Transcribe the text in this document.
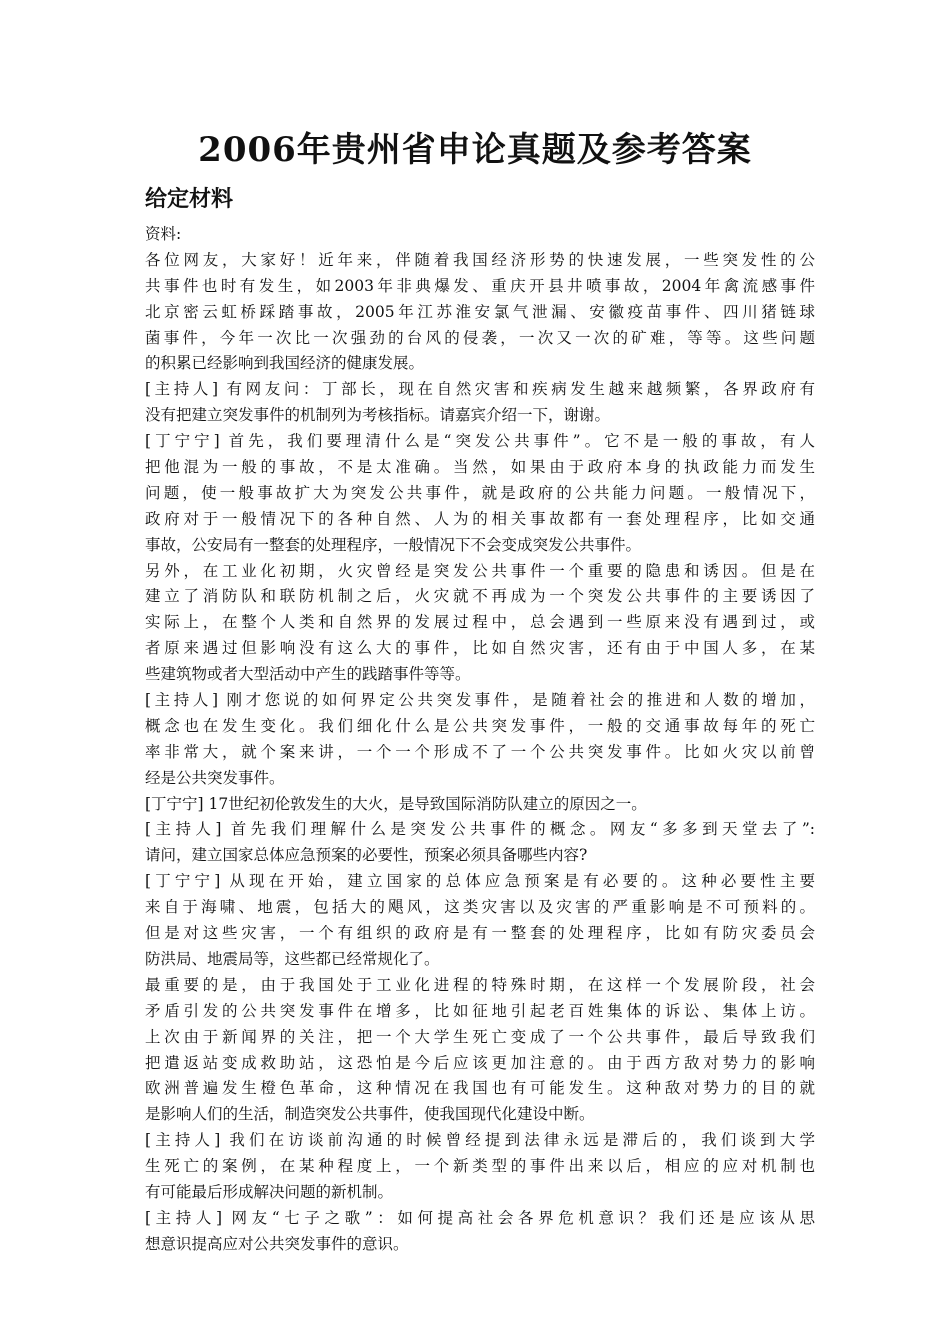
2006年贵州省申论真题及参考答案
给定材料
资料:
各位网友，大家好！近年来，伴随着我国经济形势的快速发展，一些突发性的公
共事件也时有发生，如2003年非典爆发、重庆开县井喷事故，2004年禽流感事件
北京密云虹桥踩踏事故，2005年江苏淮安氯气泄漏、安徽疫苗事件、四川猪链球
菌事件，今年一次比一次强劲的台风的侵袭，一次又一次的矿难，等等。这些问题
的积累已经影响到我国经济的健康发展。
[主持人] 有网友问：丁部长，现在自然灾害和疾病发生越来越频繁，各界政府有
没有把建立突发事件的机制列为考核指标。请嘉宾介绍一下，谢谢。
[丁宁宁] 首先，我们要理清什么是“突发公共事件”。它不是一般的事故，有人
把他混为一般的事故，不是太准确。当然，如果由于政府本身的执政能力而发生
问题，使一般事故扩大为突发公共事件，就是政府的公共能力问题。一般情况下，
政府对于一般情况下的各种自然、人为的相关事故都有一套处理程序，比如交通
事故，公安局有一整套的处理程序，一般情况下不会变成突发公共事件。
另外，在工业化初期，火灾曾经是突发公共事件一个重要的隐患和诱因。但是在
建立了消防队和联防机制之后，火灾就不再成为一个突发公共事件的主要诱因了
实际上，在整个人类和自然界的发展过程中，总会遇到一些原来没有遇到过，或
者原来遇过但影响没有这么大的事件，比如自然灾害，还有由于中国人多，在某
些建筑物或者大型活动中产生的践踏事件等等。
[主持人] 刚才您说的如何界定公共突发事件，是随着社会的推进和人数的增加，
概念也在发生变化。我们细化什么是公共突发事件，一般的交通事故每年的死亡
率非常大，就个案来讲，一个一个形成不了一个公共突发事件。比如火灾以前曾
经是公共突发事件。
[丁宁宁] 17世纪初伦敦发生的大火，是导致国际消防队建立的原因之一。
[主持人] 首先我们理解什么是突发公共事件的概念。网友“多多到天堂去了”:
请问，建立国家总体应急预案的必要性，预案必须具备哪些内容?
[丁宁宁] 从现在开始，建立国家的总体应急预案是有必要的。这种必要性主要
来自于海啸、地震，包括大的飓风，这类灾害以及灾害的严重影响是不可预料的。
但是对这些灾害，一个有组织的政府是有一整套的处理程序，比如有防灾委员会
防洪局、地震局等，这些都已经常规化了。
最重要的是，由于我国处于工业化进程的特殊时期，在这样一个发展阶段，社会
矛盾引发的公共突发事件在增多，比如征地引起老百姓集体的诉讼、集体上访。
上次由于新闻界的关注，把一个大学生死亡变成了一个公共事件，最后导致我们
把遣返站变成救助站，这恐怕是今后应该更加注意的。由于西方敌对势力的影响
欧洲普遍发生橙色革命，这种情况在我国也有可能发生。这种敌对势力的目的就
是影响人们的生活，制造突发公共事件，使我国现代化建设中断。
[主持人] 我们在访谈前沟通的时候曾经提到法律永远是滞后的，我们谈到大学
生死亡的案例，在某种程度上，一个新类型的事件出来以后，相应的应对机制也
有可能最后形成解决问题的新机制。
[主持人] 网友“七子之歌”：如何提高社会各界危机意识？我们还是应该从思
想意识提高应对公共突发事件的意识。
